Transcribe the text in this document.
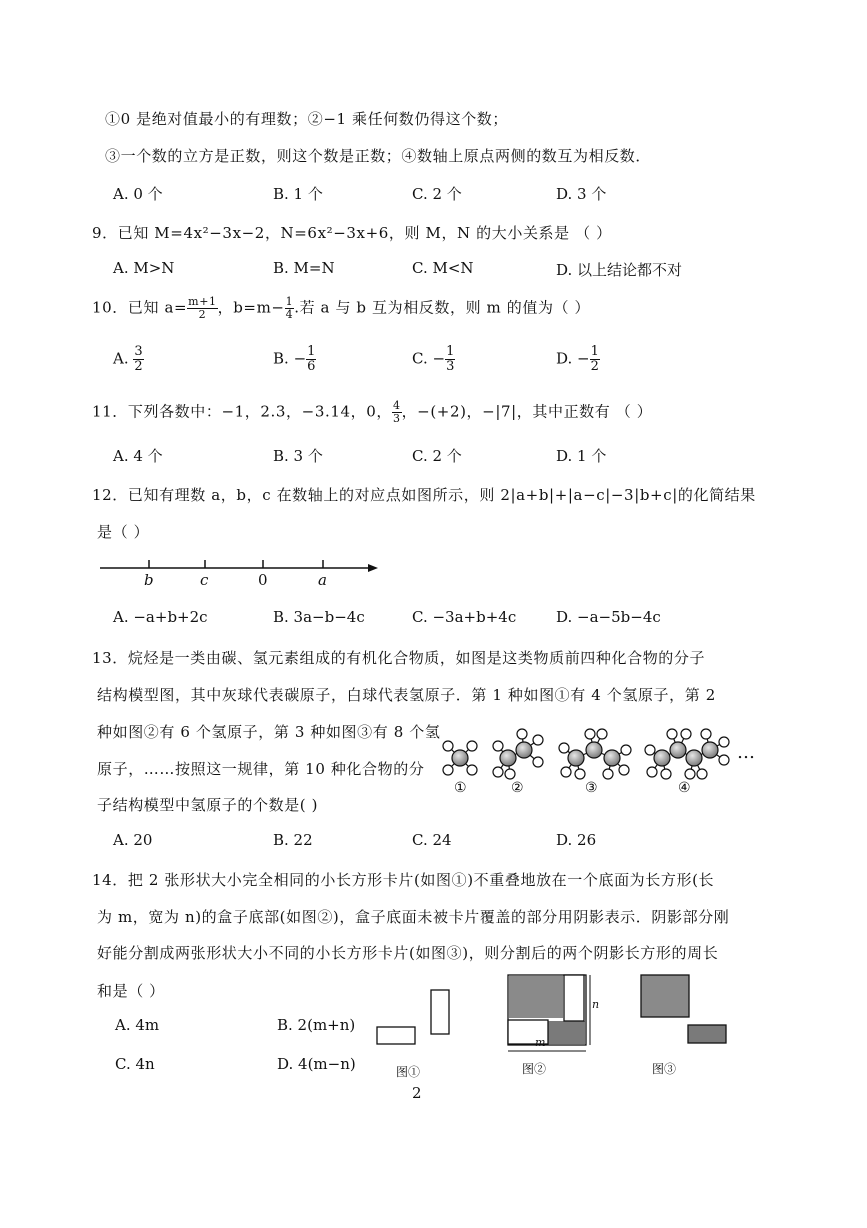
①0 是绝对值最小的有理数；②−1 乘任何数仍得这个数；
③一个数的立方是正数，则这个数是正数；④数轴上原点两侧的数互为相反数．
A. 0 个	B. 1 个	C. 2 个	D. 3 个
9．已知 M=4x²−3x−2，N=6x²−3x+6，则 M，N 的大小关系是 （ ）
A. M>N	B. M=N	C. M<N	D. 以上结论都不对
10．已知 $a= \frac{m+1}{2}$ ，$b=m- \frac{1}{4}$ .若 a 与 b 互为相反数，则 m 的值为（ ）
A. $\frac{3}{2}$	B. − $\frac{1}{6}$	C. − $\frac{1}{3}$	D. − $\frac{1}{2}$
11．下列各数中：−1，2.3，−3.14，0， $\frac{4}{3}$ ，−(+2)，−|7|，其中正数有 （ ）
A. 4 个	B. 3 个	C. 2 个	D. 1 个
12．已知有理数 a，b，c 在数轴上的对应点如图所示，则 2|a+b|+|a−c|−3|b+c|的化简结果
是（ ）
b	c	0	a
A. −a+b+2c	B. 3a−b−4c	C. −3a+b+4c	D. −a−5b−4c
13．烷烃是一类由碳、氢元素组成的有机化合物质，如图是这类物质前四种化合物的分子
结构模型图，其中灰球代表碳原子，白球代表氢原子．第 1 种如图①有 4 个氢原子，第 2
种如图②有 6 个氢原子，第 3 种如图③有 8 个氢
原子，……按照这一规律，第 10 种化合物的分
子结构模型中氢原子的个数是( )
…
①	②	③	④
A. 20	B. 22	C. 24	D. 26
14．把 2 张形状大小完全相同的小长方形卡片(如图①)不重叠地放在一个底面为长方形(长
为 m，宽为 n)的盒子底部(如图②)，盒子底面未被卡片覆盖的部分用阴影表示．阴影部分刚
好能分割成两张形状大小不同的小长方形卡片(如图③)，则分割后的两个阴影长方形的周长
和是（ ）
A. 4m	B. 2(m+n)
C. 4n	D. 4(m−n)
m
n
图①	图②	图③
2
